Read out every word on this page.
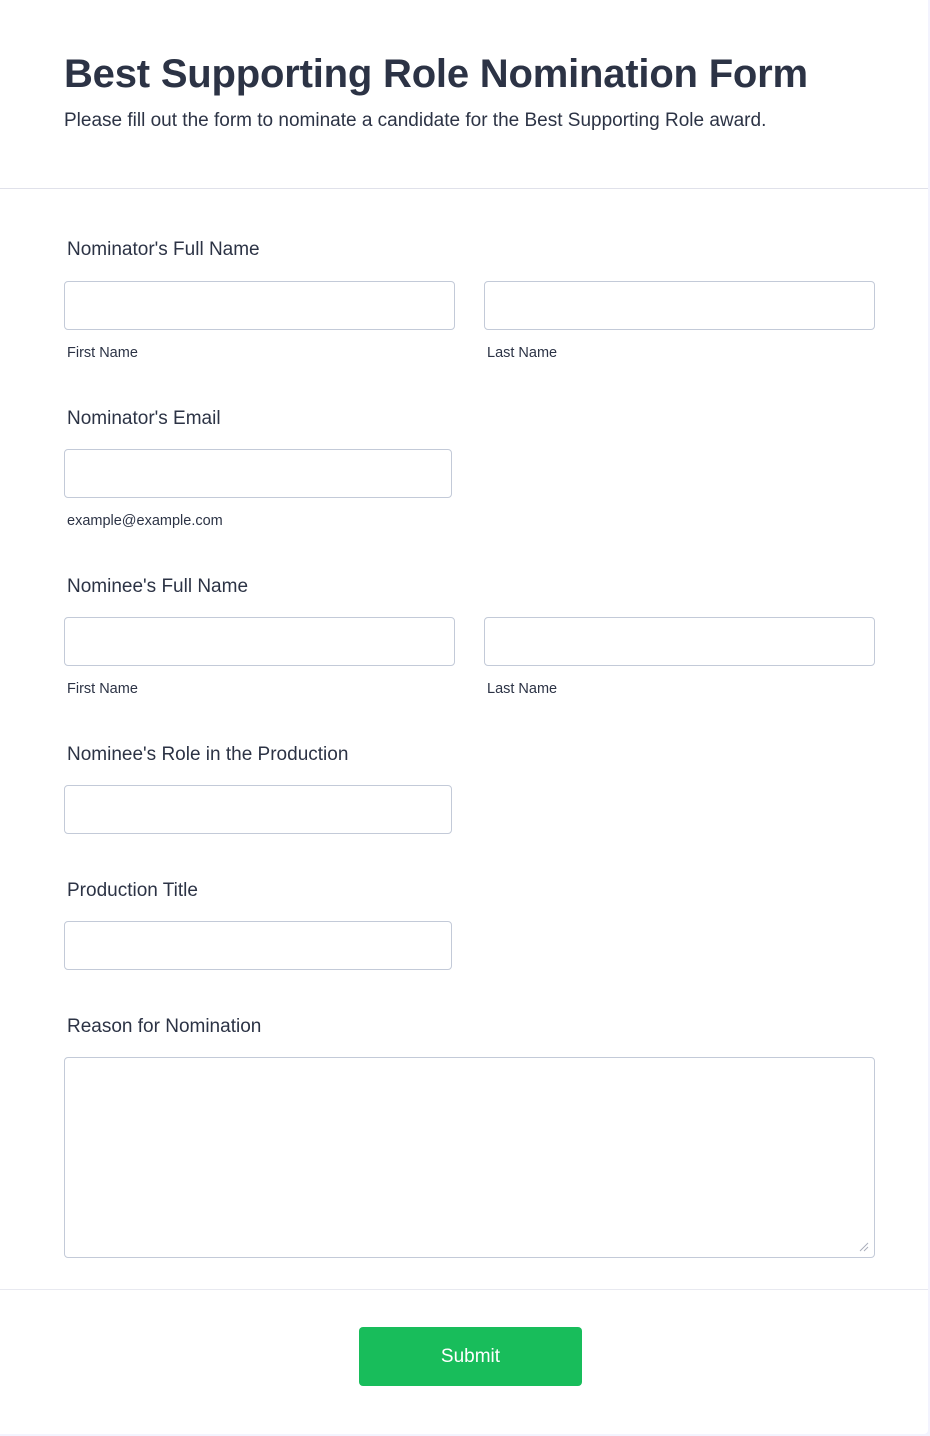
Best Supporting Role Nomination Form
Please fill out the form to nominate a candidate for the Best Supporting Role award.
Nominator's Full Name
First Name	Last Name
Nominator's Email
example@example.com
Nominee's Full Name
First Name	Last Name
Nominee's Role in the Production
Production Title
Reason for Nomination
Submit
